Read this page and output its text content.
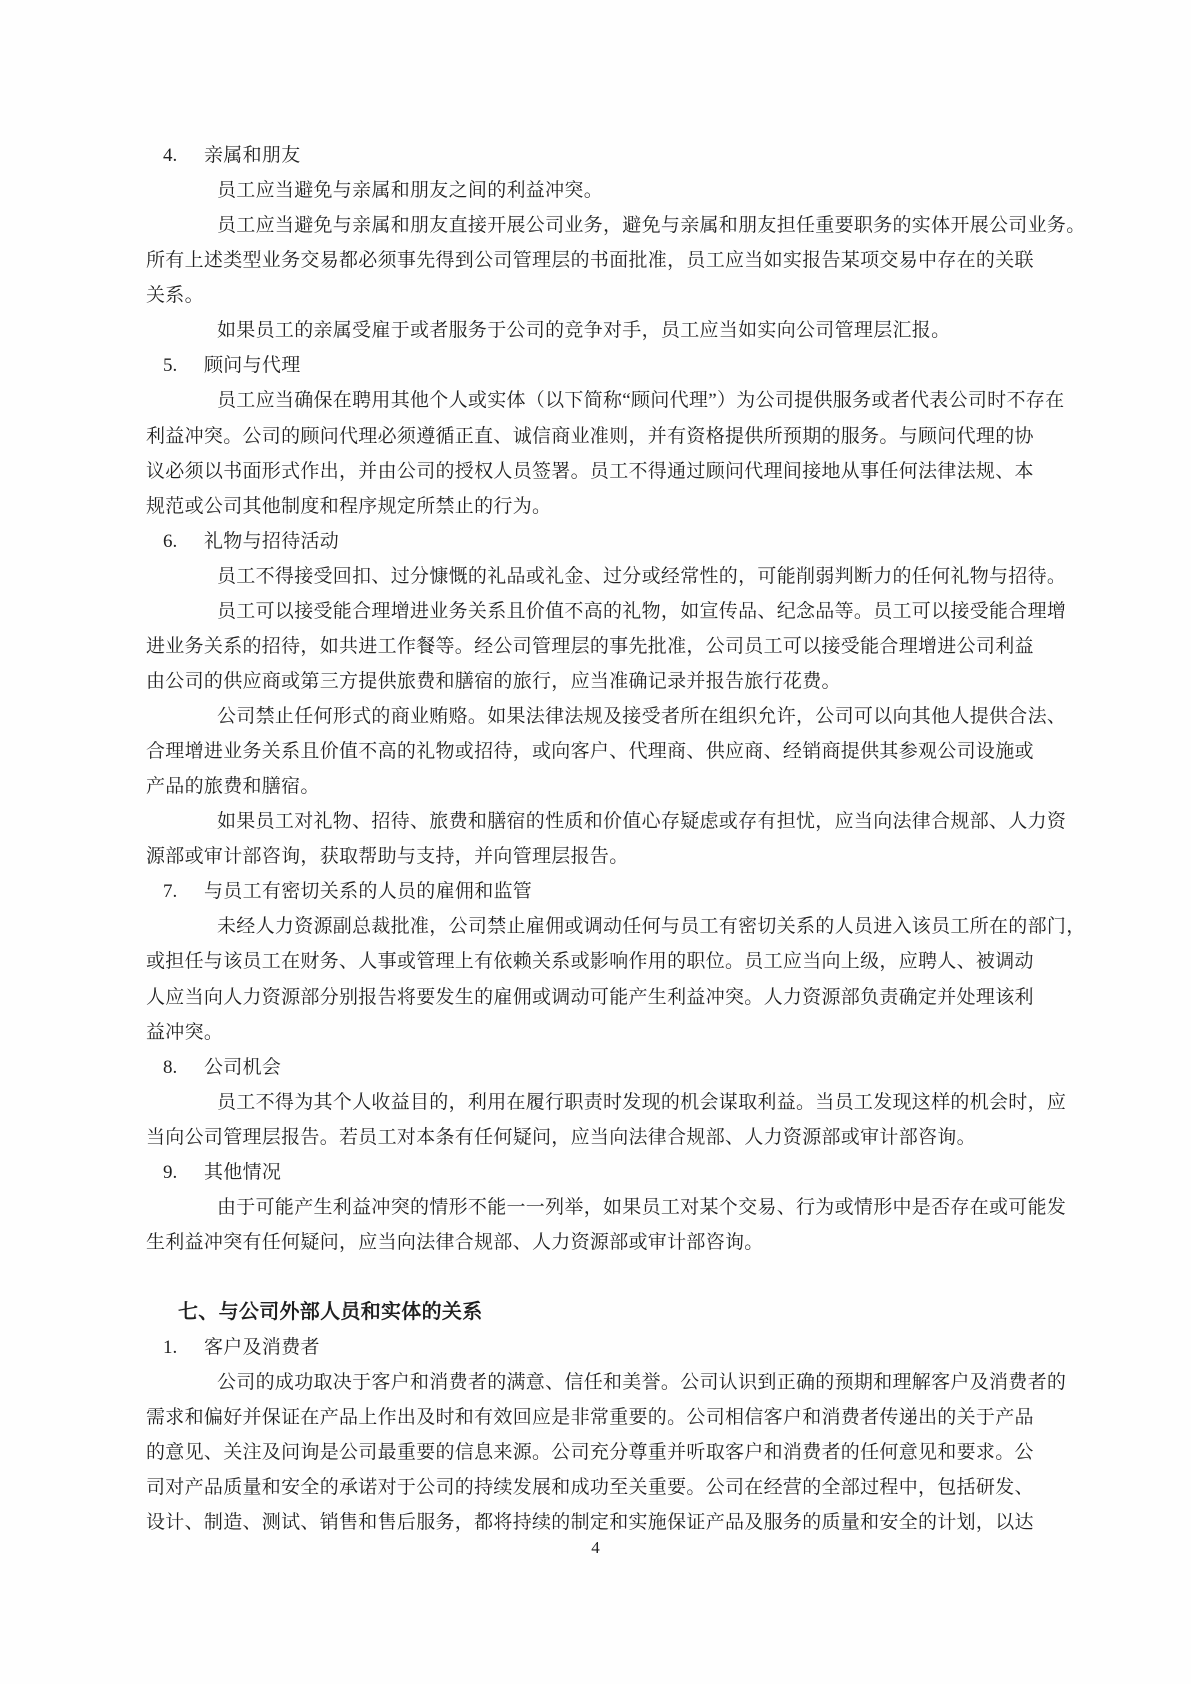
4. 亲属和朋友
员工应当避免与亲属和朋友之间的利益冲突。
员工应当避免与亲属和朋友直接开展公司业务，避免与亲属和朋友担任重要职务的实体开展公司业务。
所有上述类型业务交易都必须事先得到公司管理层的书面批准，员工应当如实报告某项交易中存在的关联
关系。
如果员工的亲属受雇于或者服务于公司的竞争对手，员工应当如实向公司管理层汇报。
5. 顾问与代理
员工应当确保在聘用其他个人或实体（以下简称“顾问代理”）为公司提供服务或者代表公司时不存在
利益冲突。公司的顾问代理必须遵循正直、诚信商业准则，并有资格提供所预期的服务。与顾问代理的协
议必须以书面形式作出，并由公司的授权人员签署。员工不得通过顾问代理间接地从事任何法律法规、本
规范或公司其他制度和程序规定所禁止的行为。
6. 礼物与招待活动
员工不得接受回扣、过分慷慨的礼品或礼金、过分或经常性的，可能削弱判断力的任何礼物与招待。
员工可以接受能合理增进业务关系且价值不高的礼物，如宣传品、纪念品等。员工可以接受能合理增
进业务关系的招待，如共进工作餐等。经公司管理层的事先批准，公司员工可以接受能合理增进公司利益
由公司的供应商或第三方提供旅费和膳宿的旅行，应当准确记录并报告旅行花费。
公司禁止任何形式的商业贿赂。如果法律法规及接受者所在组织允许，公司可以向其他人提供合法、
合理增进业务关系且价值不高的礼物或招待，或向客户、代理商、供应商、经销商提供其参观公司设施或
产品的旅费和膳宿。
如果员工对礼物、招待、旅费和膳宿的性质和价值心存疑虑或存有担忧，应当向法律合规部、人力资
源部或审计部咨询，获取帮助与支持，并向管理层报告。
7. 与员工有密切关系的人员的雇佣和监管
未经人力资源副总裁批准，公司禁止雇佣或调动任何与员工有密切关系的人员进入该员工所在的部门，
或担任与该员工在财务、人事或管理上有依赖关系或影响作用的职位。员工应当向上级，应聘人、被调动
人应当向人力资源部分别报告将要发生的雇佣或调动可能产生利益冲突。人力资源部负责确定并处理该利
益冲突。
8. 公司机会
员工不得为其个人收益目的，利用在履行职责时发现的机会谋取利益。当员工发现这样的机会时，应
当向公司管理层报告。若员工对本条有任何疑问，应当向法律合规部、人力资源部或审计部咨询。
9. 其他情况
由于可能产生利益冲突的情形不能一一列举，如果员工对某个交易、行为或情形中是否存在或可能发
生利益冲突有任何疑问，应当向法律合规部、人力资源部或审计部咨询。
七、与公司外部人员和实体的关系
1. 客户及消费者
公司的成功取决于客户和消费者的满意、信任和美誉。公司认识到正确的预期和理解客户及消费者的
需求和偏好并保证在产品上作出及时和有效回应是非常重要的。公司相信客户和消费者传递出的关于产品
的意见、关注及问询是公司最重要的信息来源。公司充分尊重并听取客户和消费者的任何意见和要求。公
司对产品质量和安全的承诺对于公司的持续发展和成功至关重要。公司在经营的全部过程中，包括研发、
设计、制造、测试、销售和售后服务，都将持续的制定和实施保证产品及服务的质量和安全的计划，以达
4
